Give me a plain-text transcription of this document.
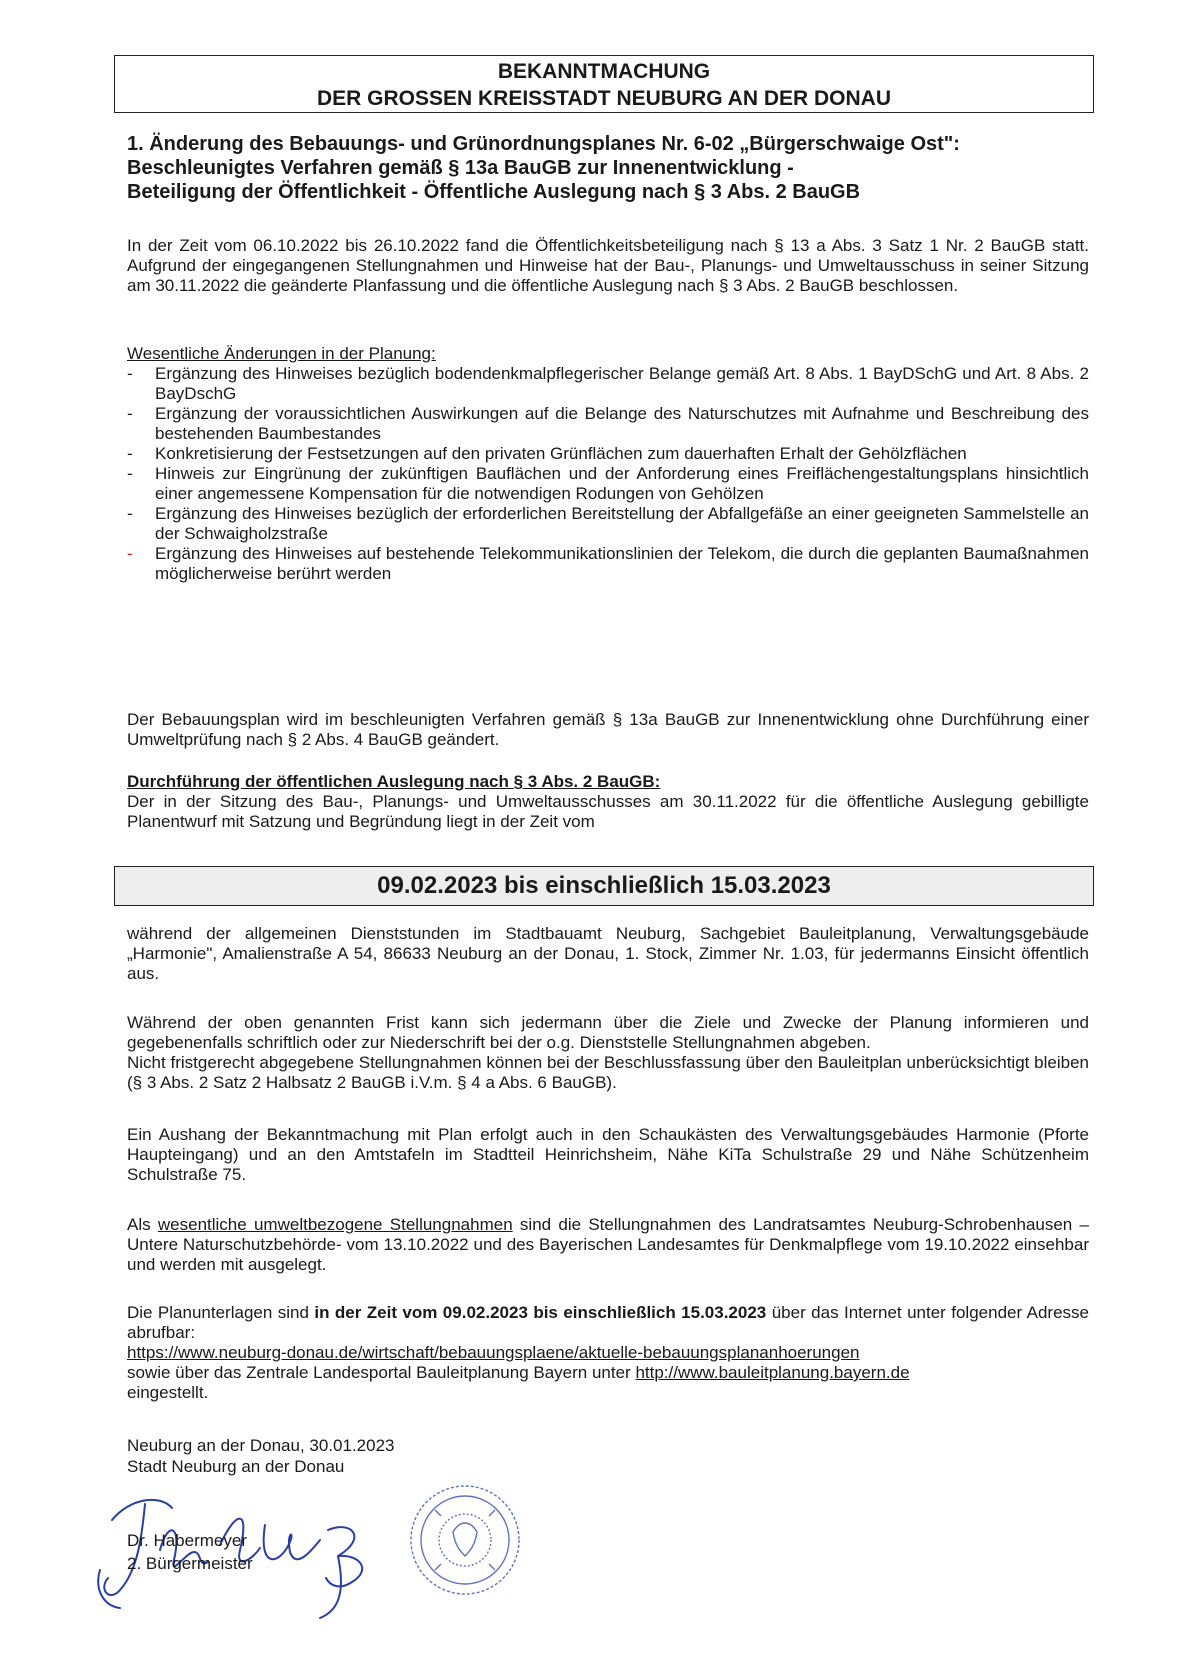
BEKANNTMACHUNG
DER GROSSEN KREISSTADT NEUBURG AN DER DONAU
1. Änderung des Bebauungs- und Grünordnungsplanes Nr. 6-02 „Bürgerschwaige Ost":
Beschleunigtes Verfahren gemäß § 13a BauGB zur Innenentwicklung -
Beteiligung der Öffentlichkeit - Öffentliche Auslegung nach § 3 Abs. 2 BauGB
In der Zeit vom 06.10.2022 bis 26.10.2022 fand die Öffentlichkeitsbeteiligung nach § 13 a Abs. 3 Satz 1 Nr. 2 BauGB statt. Aufgrund der eingegangenen Stellungnahmen und Hinweise hat der Bau-, Planungs- und Umweltausschuss in seiner Sitzung am 30.11.2022 die geänderte Planfassung und die öffentliche Auslegung nach § 3 Abs. 2 BauGB beschlossen.
Wesentliche Änderungen in der Planung:
- Ergänzung des Hinweises bezüglich bodendenkmalpflegerischer Belange gemäß Art. 8 Abs. 1 BayDSchG und Art. 8 Abs. 2 BayDschG
- Ergänzung der voraussichtlichen Auswirkungen auf die Belange des Naturschutzes mit Aufnahme und Beschreibung des bestehenden Baumbestandes
- Konkretisierung der Festsetzungen auf den privaten Grünflächen zum dauerhaften Erhalt der Gehölzflächen
- Hinweis zur Eingrünung der zukünftigen Bauflächen und der Anforderung eines Freiflächengestaltungsplans hinsichtlich einer angemessene Kompensation für die notwendigen Rodungen von Gehölzen
- Ergänzung des Hinweises bezüglich der erforderlichen Bereitstellung der Abfallgefäße an einer geeigneten Sammelstelle an der Schwaigholzstraße
- Ergänzung des Hinweises auf bestehende Telekommunikationslinien der Telekom, die durch die geplanten Baumaßnahmen möglicherweise berührt werden
Der Bebauungsplan wird im beschleunigten Verfahren gemäß § 13a BauGB zur Innenentwicklung ohne Durchführung einer Umweltprüfung nach § 2 Abs. 4 BauGB geändert.
Durchführung der öffentlichen Auslegung nach § 3 Abs. 2 BauGB:
Der in der Sitzung des Bau-, Planungs- und Umweltausschusses am 30.11.2022 für die öffentliche Auslegung gebilligte Planentwurf mit Satzung und Begründung liegt in der Zeit vom
09.02.2023 bis einschließlich 15.03.2023
während der allgemeinen Dienststunden im Stadtbauamt Neuburg, Sachgebiet Bauleitplanung, Verwaltungsgebäude „Harmonie", Amalienstraße A 54, 86633 Neuburg an der Donau, 1. Stock, Zimmer Nr. 1.03, für jedermanns Einsicht öffentlich aus.
Während der oben genannten Frist kann sich jedermann über die Ziele und Zwecke der Planung informieren und gegebenenfalls schriftlich oder zur Niederschrift bei der o.g. Dienststelle Stellungnahmen abgeben.
Nicht fristgerecht abgegebene Stellungnahmen können bei der Beschlussfassung über den Bauleitplan unberücksichtigt bleiben (§ 3 Abs. 2 Satz 2 Halbsatz 2 BauGB i.V.m. § 4 a Abs. 6 BauGB).
Ein Aushang der Bekanntmachung mit Plan erfolgt auch in den Schaukästen des Verwaltungsgebäudes Harmonie (Pforte Haupteingang) und an den Amtstafeln im Stadtteil Heinrichsheim, Nähe KiTa Schulstraße 29 und Nähe Schützenheim Schulstraße 75.
Als wesentliche umweltbezogene Stellungnahmen sind die Stellungnahmen des Landratsamtes Neuburg-Schrobenhausen –Untere Naturschutzbehörde- vom 13.10.2022 und des Bayerischen Landesamtes für Denkmalpflege vom 19.10.2022 einsehbar und werden mit ausgelegt.
Die Planunterlagen sind in der Zeit vom 09.02.2023 bis einschließlich 15.03.2023 über das Internet unter folgender Adresse abrufbar:
https://www.neuburg-donau.de/wirtschaft/bebauungsplaene/aktuelle-bebauungsplananhoerungen
sowie über das Zentrale Landesportal Bauleitplanung Bayern unter http://www.bauleitplanung.bayern.de
eingestellt.
Neuburg an der Donau, 30.01.2023
Stadt Neuburg an der Donau
Dr. Habermeyer
2. Bürgermeister
